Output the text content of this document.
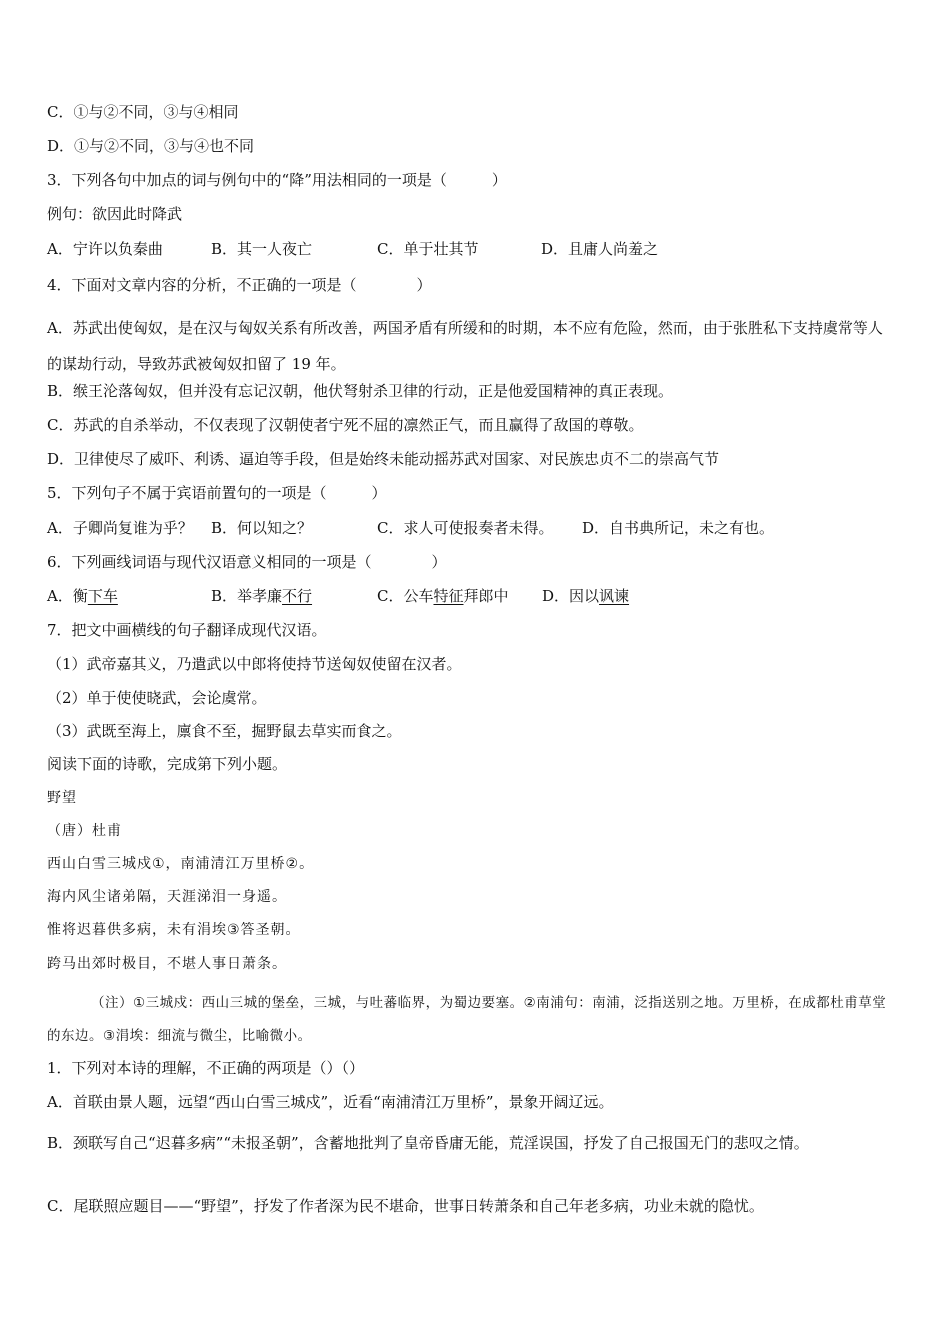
C．①与②不同，③与④相同
D．①与②不同，③与④也不同
3．下列各句中加点的词与例句中的“降”用法相同的一项是（　　　）
例句：欲因此时降武
A．宁许以负秦曲	B．其一人夜亡	C．单于壮其节	D．且庸人尚羞之
4．下面对文章内容的分析，不正确的一项是（　　　　）
A．苏武出使匈奴，是在汉与匈奴关系有所改善，两国矛盾有所缓和的时期，本不应有危险，然而，由于张胜私下支持虞常等人的谋劫行动，导致苏武被匈奴扣留了 19 年。
B．缑王沦落匈奴，但并没有忘记汉朝，他伏弩射杀卫律的行动，正是他爱国精神的真正表现。
C．苏武的自杀举动，不仅表现了汉朝使者宁死不屈的凛然正气，而且赢得了敌国的尊敬。
D．卫律使尽了威吓、利诱、逼迫等手段，但是始终未能动摇苏武对国家、对民族忠贞不二的崇高气节
5．下列句子不属于宾语前置句的一项是（　　　）
A．子卿尚复谁为乎？ B．何以知之？	C．求人可使报奏者未得。 D．自书典所记，未之有也。
6．下列画线词语与现代汉语意义相同的一项是（　　　　）
A．衡下车	B．举孝廉不行	C．公车特征拜郎中 D．因以讽谏
7．把文中画横线的句子翻译成现代汉语。
（1）武帝嘉其义，乃遣武以中郎将使持节送匈奴使留在汉者。
（2）单于使使晓武，会论虞常。
（3）武既至海上，廪食不至，掘野鼠去草实而食之。
阅读下面的诗歌，完成第下列小题。
野望
（唐）杜甫
西山白雪三城戍①，南浦清江万里桥②。
海内风尘诸弟隔，天涯涕泪一身遥。
惟将迟暮供多病，未有涓埃③答圣朝。
跨马出郊时极目，不堪人事日萧条。
（注）①三城戍：西山三城的堡垒，三城，与吐蕃临界，为蜀边要塞。②南浦句：南浦，泛指送别之地。万里桥，在成都杜甫草堂的东边。③涓埃：细流与微尘，比喻微小。
1．下列对本诗的理解，不正确的两项是（）（）
A．首联由景人题，远望“西山白雪三城戍”，近看“南浦清江万里桥”，景象开阔辽远。
B．颈联写自己“迟暮多病”“未报圣朝”，含蓄地批判了皇帝昏庸无能，荒淫误国，抒发了自己报国无门的悲叹之情。
C．尾联照应题目——“野望”，抒发了作者深为民不堪命，世事日转萧条和自己年老多病，功业未就的隐忧。
